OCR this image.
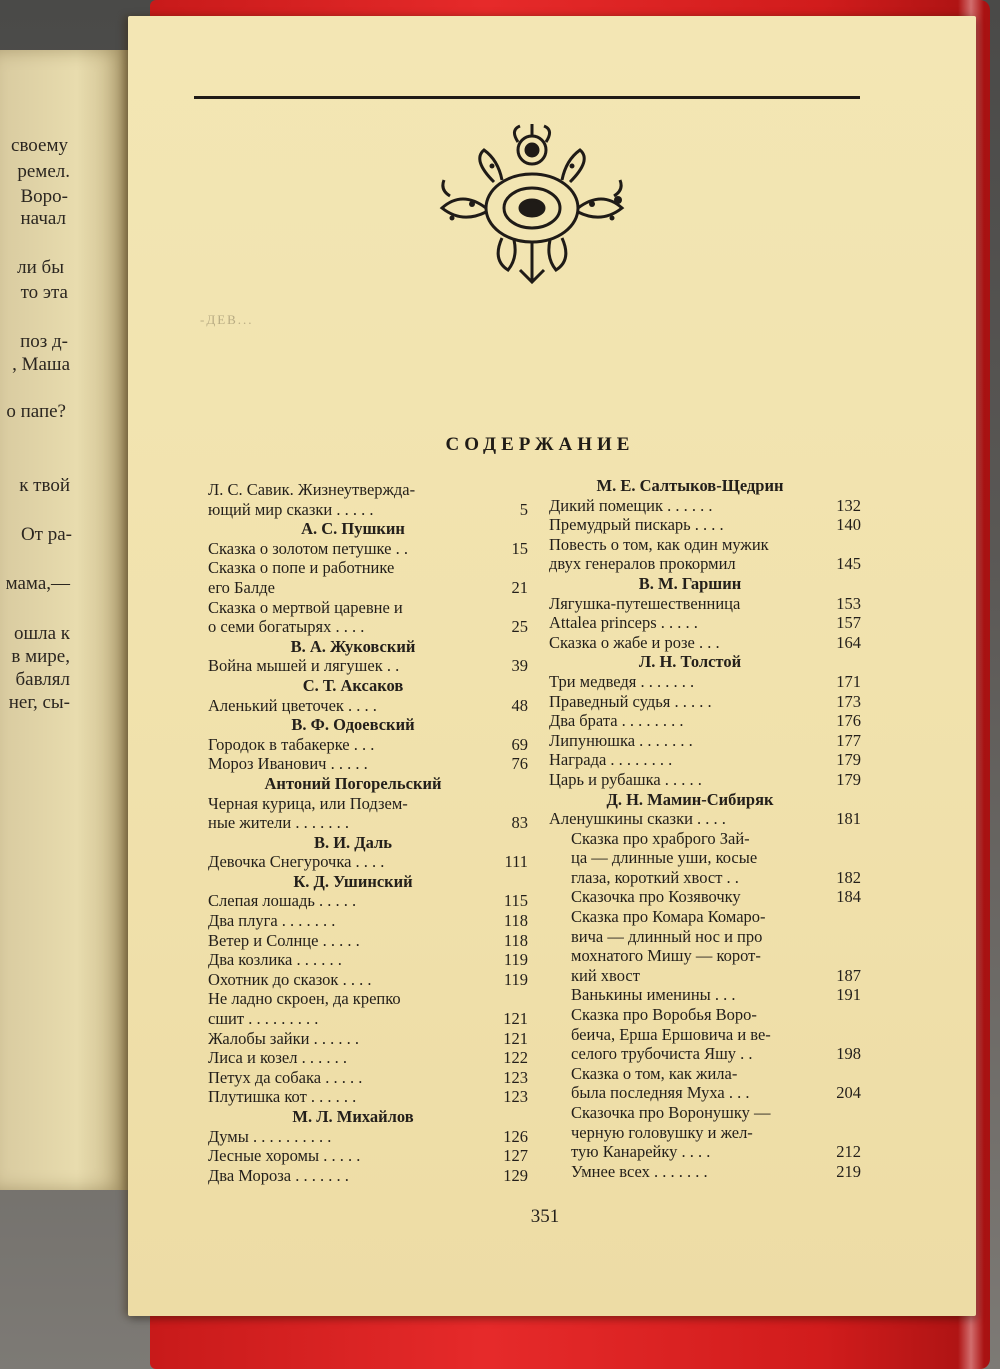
своему
ремел.
Воро-
начал
ли бы
то эта
поз д-
, Маша
о папе?
к твой
От ра-
мама,—
ошла к
в мире,
бавлял
нег, сы-
-ДЕВ...
СОДЕРЖАНИЕ
Л. С. Савик. Жизнеутвержда-
ющий мир сказки . . . . .	5
А. С. Пушкин
Сказка о золотом петушке . .	15
Сказка о попе и работнике
его Балде	21
Сказка о мертвой царевне и
о семи богатырях . . . .	25
В. А. Жуковский
Война мышей и лягушек . .	39
С. Т. Аксаков
Аленький цветочек . . . .	48
В. Ф. Одоевский
Городок в табакерке . . .	69
Мороз Иванович . . . . .	76
Антоний Погорельский
Черная курица, или Подзем-
ные жители . . . . . . .	83
В. И. Даль
Девочка Снегурочка . . . .	111
К. Д. Ушинский
Слепая лошадь . . . . .	115
Два плуга . . . . . . .	118
Ветер и Солнце . . . . .	118
Два козлика . . . . . .	119
Охотник до сказок . . . .	119
Не ладно скроен, да крепко
сшит . . . . . . . . .	121
Жалобы зайки . . . . . .	121
Лиса и козел . . . . . .	122
Петух да собака . . . . .	123
Плутишка кот . . . . . .	123
М. Л. Михайлов
Думы . . . . . . . . . .	126
Лесные хоромы . . . . .	127
Два Мороза . . . . . . .	129
М. Е. Салтыков-Щедрин
Дикий помещик . . . . . .	132
Премудрый пискарь . . . .	140
Повесть о том, как один мужик
двух генералов прокормил	145
В. М. Гаршин
Лягушка-путешественница	153
Attalea princeps . . . . .	157
Сказка о жабе и розе . . .	164
Л. Н. Толстой
Три медведя . . . . . . .	171
Праведный судья . . . . .	173
Два брата . . . . . . . .	176
Липунюшка . . . . . . .	177
Награда . . . . . . . .	179
Царь и рубашка . . . . .	179
Д. Н. Мамин-Сибиряк
Аленушкины сказки . . . .	181
Сказка про храброго Зай-
ца — длинные уши, косые
глаза, короткий хвост . .	182
Сказочка про Козявочку	184
Сказка про Комара Комаро-
вича — длинный нос и про
мохнатого Мишу — корот-
кий хвост	187
Ванькины именины . . .	191
Сказка про Воробья Воро-
беича, Ерша Ершовича и ве-
селого трубочиста Яшу . .	198
Сказка о том, как жила-
была последняя Муха . . .	204
Сказочка про Воронушку —
черную головушку и жел-
тую Канарейку . . . .	212
Умнее всех . . . . . . .	219
351
